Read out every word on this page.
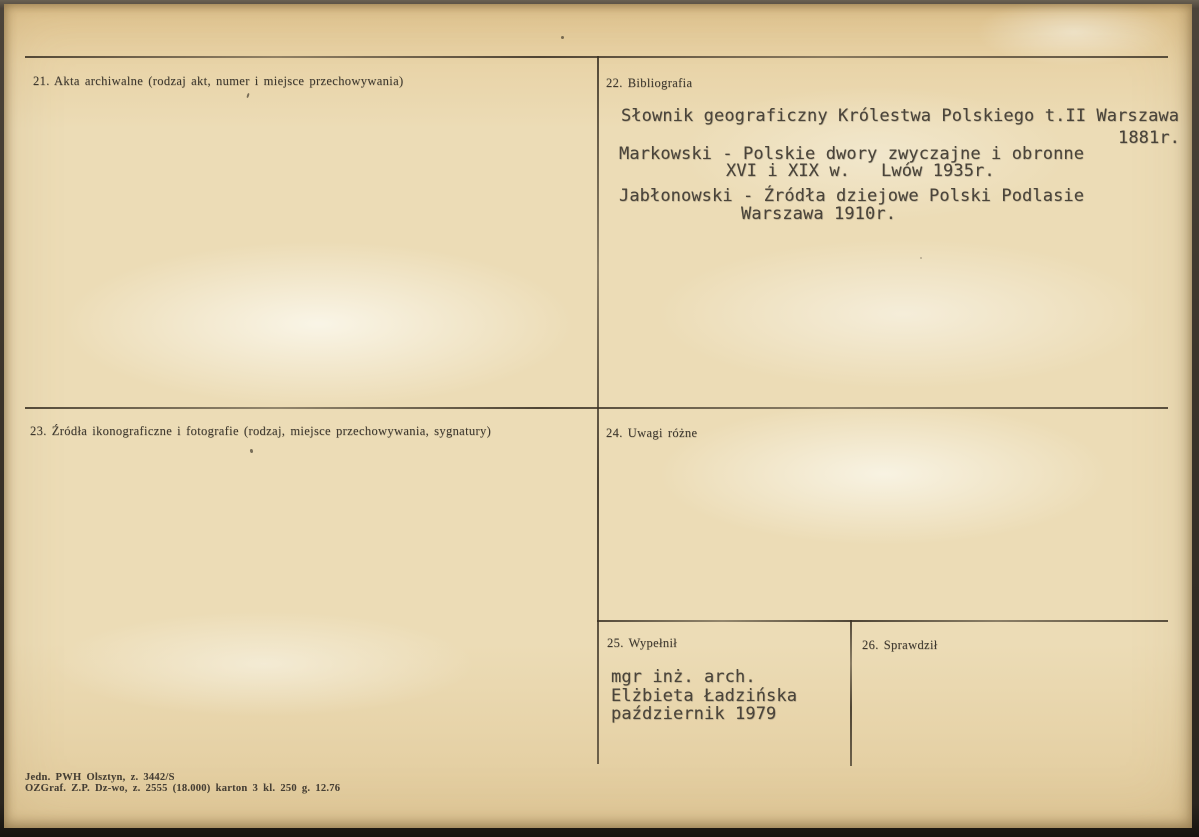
21. Akta archiwalne (rodzaj akt, numer i miejsce przechowywania)	22. Bibliografia
Słownik geograficzny Królestwa Polskiego t.II Warszawa
1881r.
Markowski - Polskie dwory zwyczajne i obronne
XVI i XIX w.   Lwów 1935r.
Jabłonowski - Źródła dziejowe Polski Podlasie
Warszawa 1910r.
23. Źródła ikonograficzne i fotografie (rodzaj, miejsce przechowywania, sygnatury)	24. Uwagi różne
25. Wypełnił
mgr inż. arch.
Elżbieta Ładzińska
październik 1979
26. Sprawdził
Jedn. PWH Olsztyn, z. 3442/S
OZGraf. Z.P. Dz-wo, z. 2555 (18.000) karton 3 kl. 250 g. 12.76
